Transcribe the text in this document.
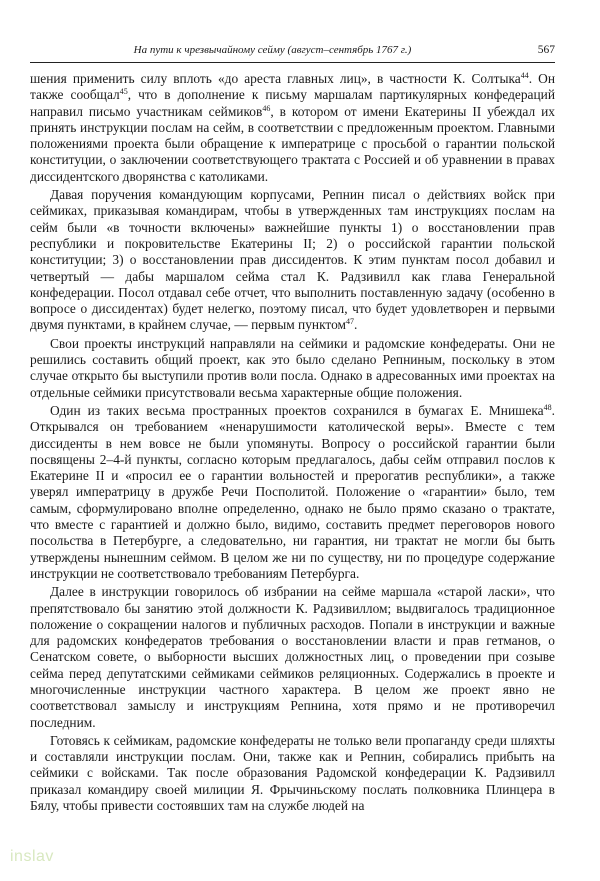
На пути к чрезвычайному сейму (август–сентябрь 1767 г.)	567

шения применить силу вплоть «до ареста главных лиц», в частности К. Солтыка$^{44}$. Он также сообщал$^{45}$, что в дополнение к письму маршалам партикулярных конфедераций направил письмо участникам сеймиков$^{46}$, в котором от имени Екатерины II убеждал их принять инструкции послам на сейм, в соответствии с предложенным проектом. Главными положениями проекта были обращение к императрице с просьбой о гарантии польской конституции, о заключении соответствующего трактата с Россией и об уравнении в правах диссидентского дворянства с католиками.

Давая поручения командующим корпусами, Репнин писал о действиях войск при сеймиках, приказывая командирам, чтобы в утвержденных там инструкциях послам на сейм были «в точности включены» важнейшие пункты 1) о восстановлении прав республики и покровительстве Екатерины II; 2) о российской гарантии польской конституции; 3) о восстановлении прав диссидентов. К этим пунктам посол добавил и четвертый — дабы маршалом сейма стал К. Радзивилл как глава Генеральной конфедерации. Посол отдавал себе отчет, что выполнить поставленную задачу (особенно в вопросе о диссидентах) будет нелегко, поэтому писал, что будет удовлетворен и первыми двумя пунктами, в крайнем случае, — первым пунктом$^{47}$.

Свои проекты инструкций направляли на сеймики и радомские конфедераты. Они не решились составить общий проект, как это было сделано Репниным, поскольку в этом случае открыто бы выступили против воли посла. Однако в адресованных ими проектах на отдельные сеймики присутствовали весьма характерные общие положения.

Один из таких весьма пространных проектов сохранился в бумагах Е. Мнишека$^{48}$. Открывался он требованием «ненарушимости католической веры». Вместе с тем диссиденты в нем вовсе не были упомянуты. Вопросу о российской гарантии были посвящены 2–4-й пункты, согласно которым предлагалось, дабы сейм отправил послов к Екатерине II и «просил ее о гарантии вольностей и прерогатив республики», а также уверял императрицу в дружбе Речи Посполитой. Положение о «гарантии» было, тем самым, сформулировано вполне определенно, однако не было прямо сказано о трактате, что вместе с гарантией и должно было, видимо, составить предмет переговоров нового посольства в Петербурге, а следовательно, ни гарантия, ни трактат не могли бы быть утверждены нынешним сеймом. В целом же ни по существу, ни по процедуре содержание инструкции не соответствовало требованиям Петербурга.

Далее в инструкции говорилось об избрании на сейме маршала «старой ласки», что препятствовало бы занятию этой должности К. Радзивиллом; выдвигалось традиционное положение о сокращении налогов и публичных расходов. Попали в инструкции и важные для радомских конфедератов требования о восстановлении власти и прав гетманов, о Сенатском совете, о выборности высших должностных лиц, о проведении при созыве сейма перед депутатскими сеймиками сеймиков реляционных. Содержались в проекте и многочисленные инструкции частного характера. В целом же проект явно не соответствовал замыслу и инструкциям Репнина, хотя прямо и не противоречил последним.

Готовясь к сеймикам, радомские конфедераты не только вели пропаганду среди шляхты и составляли инструкции послам. Они, также как и Репнин, собирались прибыть на сеймики с войсками. Так после образования Радомской конфедерации К. Радзивилл приказал командиру своей милиции Я. Фрычиньскому послать полковника Плинцера в Бялу, чтобы привести состоявших там на службе людей на

inslav
